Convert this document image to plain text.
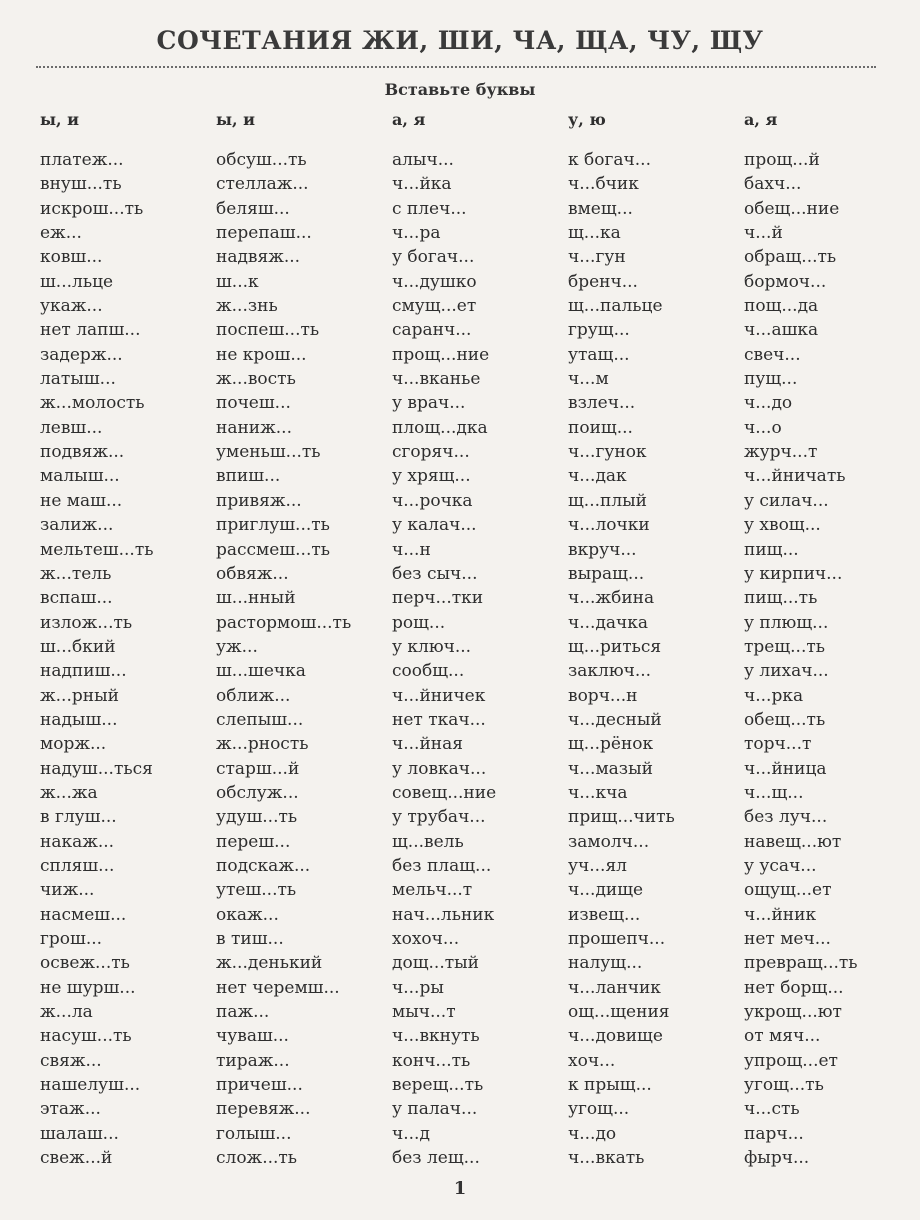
СОЧЕТАНИЯ ЖИ, ШИ, ЧА, ЩА, ЧУ, ЩУ
Вставьте буквы
ы, и
платеж...
внуш...ть
искрош...ть
еж...
ковш...
ш...льце
укаж...
нет лапш...
задерж...
латыш...
ж...молость
левш...
подвяж...
малыш...
не маш...
залиж...
мельтеш...ть
ж...тель
вспаш...
излож...ть
ш...бкий
надпиш...
ж...рный
надыш...
морж...
надуш...ться
ж...жа
в глуш...
накаж...
спляш...
чиж...
насмеш...
грош...
освеж...ть
не шурш...
ж...ла
насуш...ть
свяж...
нашелуш...
этаж...
шалаш...
свеж...й
ы, и
обсуш...ть
стеллаж...
беляш...
перепаш...
надвяж...
ш...к
ж...знь
поспеш...ть
не крош...
ж...вость
почеш...
наниж...
уменьш...ть
впиш...
привяж...
приглуш...ть
рассмеш...ть
обвяж...
ш...нный
растормош...ть
уж...
ш...шечка
оближ...
слепыш...
ж...рность
старш...й
обслуж...
удуш...ть
переш...
подскаж...
утеш...ть
окаж...
в тиш...
ж...денький
нет черемш...
паж...
чуваш...
тираж...
причеш...
перевяж...
голыш...
слож...ть
а, я
алыч...
ч...йка
с плеч...
ч...ра
у богач...
ч...душко
смущ...ет
саранч...
прощ...ние
ч...вканье
у врач...
площ...дка
сгоряч...
у хрящ...
ч...рочка
у калач...
ч...н
без сыч...
перч...тки
рощ...
у ключ...
сообщ...
ч...йничек
нет ткач...
ч...йная
у ловкач...
совещ...ние
у трубач...
щ...вель
без плащ...
мельч...т
нач...льник
хохоч...
дощ...тый
ч...ры
мыч...т
ч...вкнуть
конч...ть
верещ...ть
у палач...
ч...д
без лещ...
у, ю
к богач...
ч...бчик
вмещ...
щ...ка
ч...гун
бренч...
щ...пальце
грущ...
утащ...
ч...м
взлеч...
поищ...
ч...гунок
ч...дак
щ...плый
ч...лочки
вкруч...
выращ...
ч...жбина
ч...дачка
щ...риться
заключ...
ворч...н
ч...десный
щ...рёнок
ч...мазый
ч...кча
прищ...чить
замолч...
уч...ял
ч...дище
извещ...
прошепч...
налущ...
ч...ланчик
ощ...щения
ч...довище
хоч...
к прыщ...
угощ...
ч...до
ч...вкать
а, я
прощ...й
бахч...
обещ...ние
ч...й
обращ...ть
бормоч...
пощ...да
ч...ашка
свеч...
пущ...
ч...до
ч...о
журч...т
ч...йничать
у силач...
у хвощ...
пищ...
у кирпич...
пищ...ть
у плющ...
трещ...ть
у лихач...
ч...рка
обещ...ть
торч...т
ч...йница
ч...щ...
без луч...
навещ...ют
у усач...
ощущ...ет
ч...йник
нет меч...
превращ...ть
нет борщ...
укрощ...ют
от мяч...
упрощ...ет
угощ...ть
ч...сть
парч...
фырч...
1
